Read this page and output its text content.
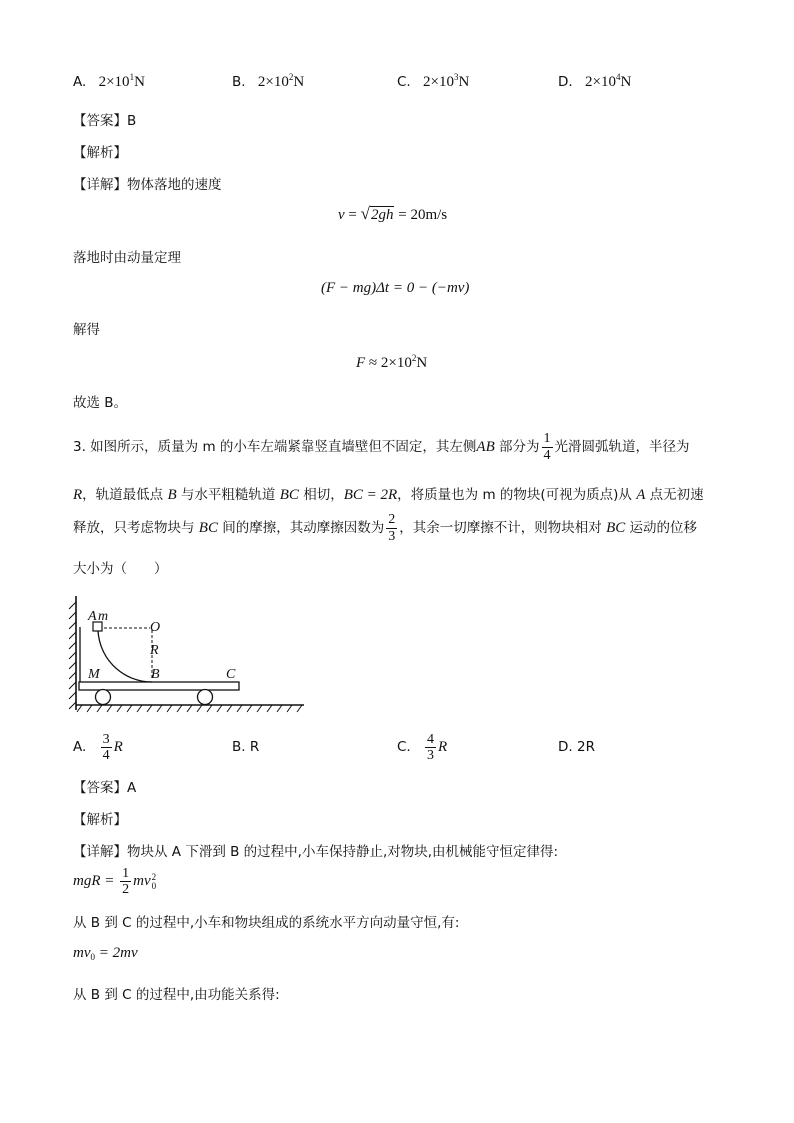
A. $2\times 10^1N$	B. $2\times 10^2N$	C. $2\times 10^3N$	D. $2\times 10^4N$
【答案】B
【解析】
【详解】物体落地的速度
v = √2gh = 20m/s
落地时由动量定理
(F − mg)Δt = 0 − (−mv)
解得
$F \approx 2\times 10^2N$
故选 B。
3. 如图所示，质量为 m 的小车左端紧靠竖直墙壁但不固定，其左侧AB 部分为 $\frac{1}{4}$ 光滑圆弧轨道，半径为
R，轨道最低点 B 与水平粗糙轨道 BC 相切，BC = 2R，将质量也为 m 的物块(可视为质点)从 A 点无初速
释放，只考虑物块与 BC 间的摩擦，其动摩擦因数为 $\frac{2}{3}$ ，其余一切摩擦不计，则物块相对 BC 运动的位移
大小为（　　）
A m
O
R
M	B	C
A. $\frac{3}{4}$ R	B. R	C. $\frac{4}{3}$ R	D. 2R
【答案】A
【解析】
【详解】物块从 A 下滑到 B 的过程中,小车保持静止,对物块,由机械能守恒定律得:
mgR = $\frac{1}{2}$ mv 2
0
从 B 到 C 的过程中,小车和物块组成的系统水平方向动量守恒,有:
$mv_0 = 2mv$
从 B 到 C 的过程中,由功能关系得:
